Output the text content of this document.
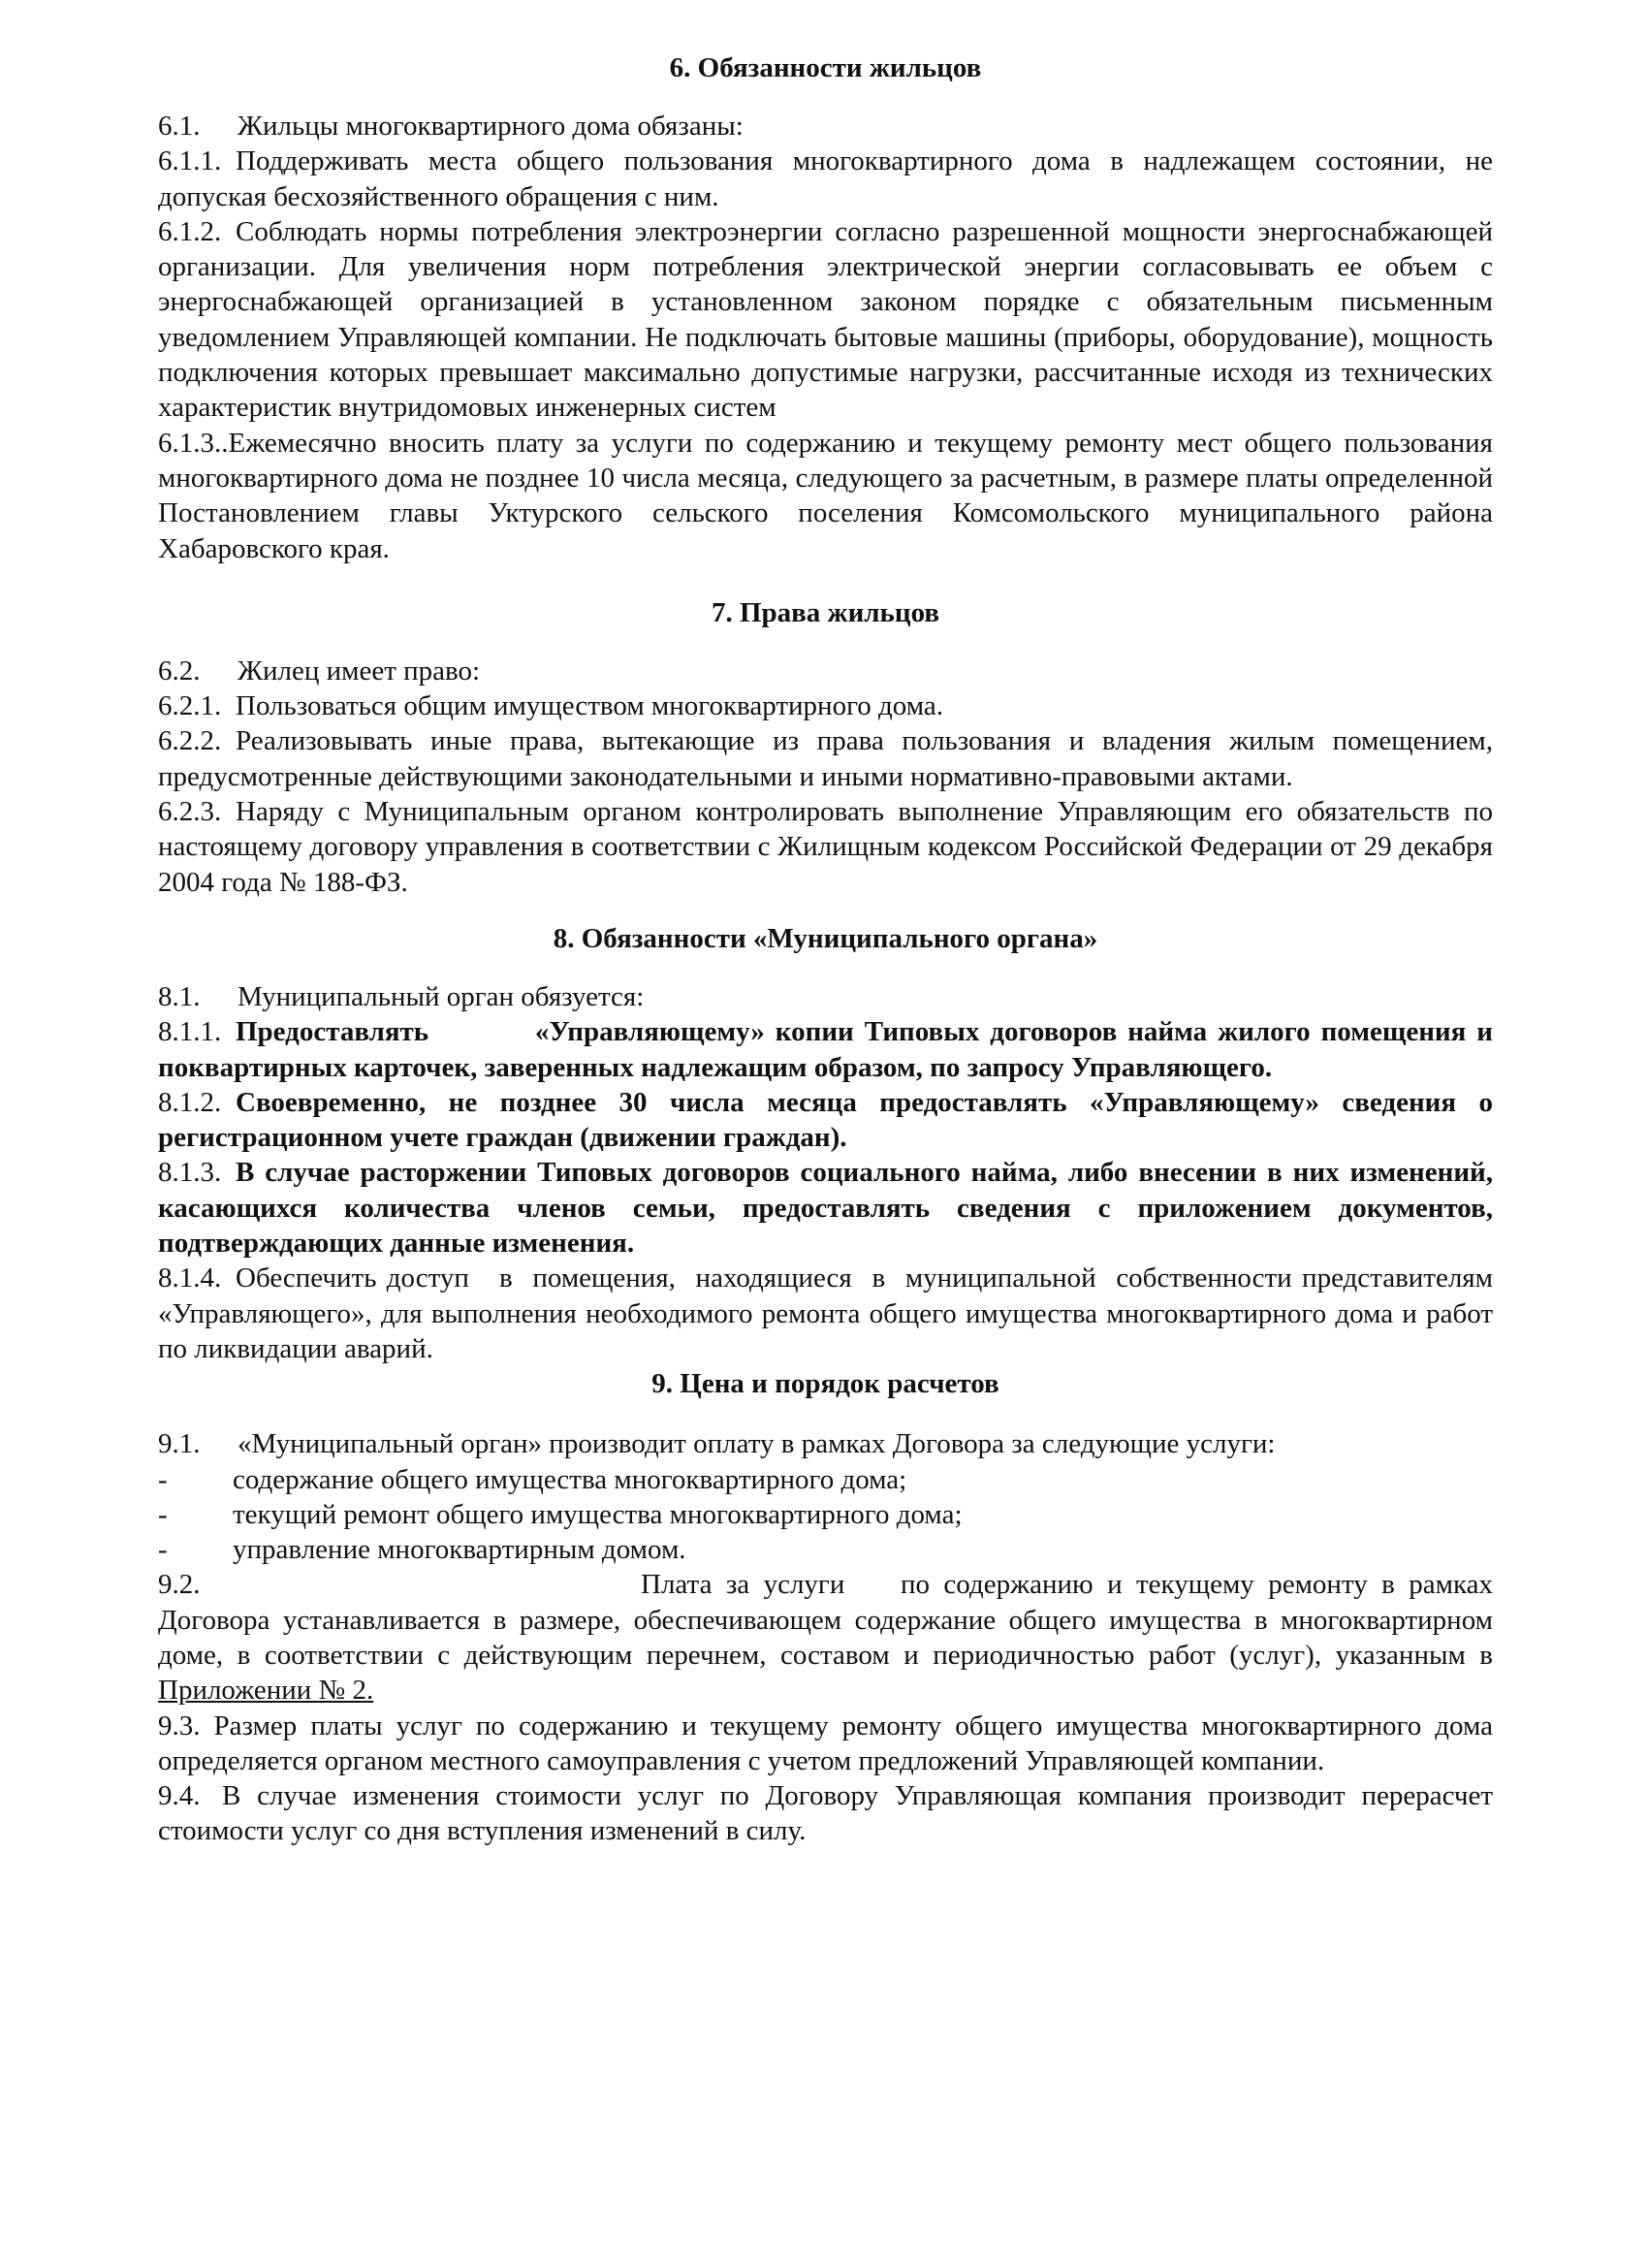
6. Обязанности жильцов

6.1. Жильцы многоквартирного дома обязаны:

6.1.1. Поддерживать места общего пользования многоквартирного дома в надлежащем состоянии, не допуская бесхозяйственного обращения с ним.

6.1.2. Соблюдать нормы потребления электроэнергии согласно разрешенной мощности энергоснабжающей организации. Для увеличения норм потребления электрической энергии согласовывать ее объем с энергоснабжающей организацией в установленном законом порядке с обязательным письменным уведомлением Управляющей компании. Не подключать бытовые машины (приборы, оборудование), мощность подключения которых превышает максимально допустимые нагрузки, рассчитанные исходя из технических характеристик внутридомовых инженерных систем

6.1.3..Ежемесячно вносить плату за услуги по содержанию и текущему ремонту мест общего пользования многоквартирного дома не позднее 10 числа месяца, следующего за расчетным, в размере платы определенной Постановлением главы Уктурского сельского поселения Комсомольского муниципального района Хабаровского края.

7. Права жильцов

6.2. Жилец имеет право:

6.2.1. Пользоваться общим имуществом многоквартирного дома.

6.2.2. Реализовывать иные права, вытекающие из права пользования и владения жилым помещением, предусмотренные действующими законодательными и иными нормативно-правовыми актами.

6.2.3. Наряду с Муниципальным органом контролировать выполнение Управляющим его обязательств по настоящему договору управления в соответствии с Жилищным кодексом Российской Федерации от 29 декабря 2004 года № 188-ФЗ.

8. Обязанности «Муниципального органа»

8.1. Муниципальный орган обязуется:

8.1.1. Предоставлять          «Управляющему» копии Типовых договоров найма жилого помещения и поквартирных карточек, заверенных надлежащим образом, по запросу Управляющего.

8.1.2. Своевременно, не позднее 30 числа месяца предоставлять «Управляющему» сведения о регистрационном учете граждан (движении граждан).

8.1.3. В случае расторжении Типовых договоров социального найма, либо внесении в них изменений, касающихся количества членов семьи, предоставлять сведения с приложением документов, подтверждающих данные изменения.

8.1.4. Обеспечить доступ   в  помещения,  находящиеся  в  муниципальной  собственности представителям «Управляющего», для выполнения необходимого ремонта общего имущества многоквартирного дома и работ по ликвидации аварий.

9. Цена и порядок расчетов

9.1. «Муниципальный орган» производит оплату в рамках Договора за следующие услуги:

- содержание общего имущества многоквартирного дома;

- текущий ремонт общего имущества многоквартирного дома;

- управление многоквартирным домом.

9.2.	Плата за услуги    по содержанию и текущему ремонту в рамках Договора устанавливается в размере, обеспечивающем содержание общего имущества в многоквартирном доме, в соответствии с действующим перечнем, составом и периодичностью работ (услуг), указанным в Приложении № 2.

9.3. Размер платы услуг по содержанию и текущему ремонту общего имущества многоквартирного дома определяется органом местного самоуправления с учетом предложений Управляющей компании.

9.4. В случае изменения стоимости услуг по Договору Управляющая компания производит перерасчет стоимости услуг со дня вступления изменений в силу.
